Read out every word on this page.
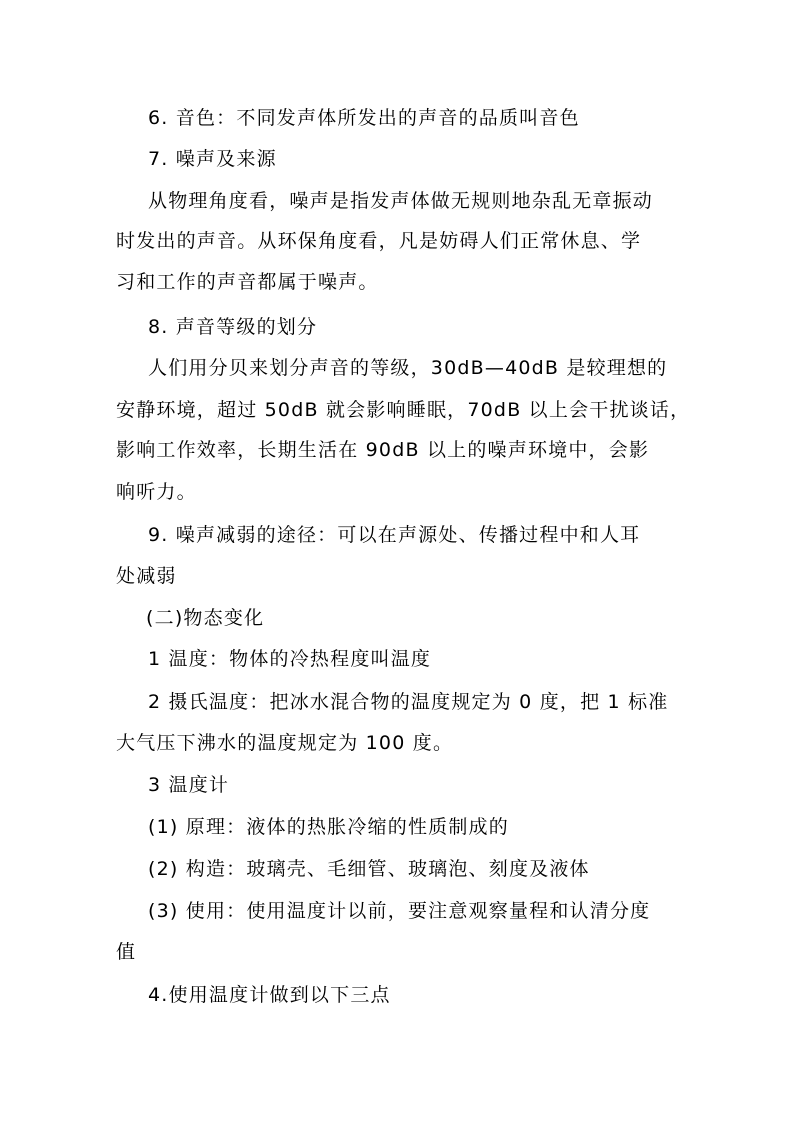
6. 音色：不同发声体所发出的声音的品质叫音色
7. 噪声及来源
从物理角度看，噪声是指发声体做无规则地杂乱无章振动
时发出的声音。从环保角度看，凡是妨碍人们正常休息、学
习和工作的声音都属于噪声。
8. 声音等级的划分
人们用分贝来划分声音的等级，30dB—40dB 是较理想的
安静环境，超过 50dB 就会影响睡眠，70dB 以上会干扰谈话，
影响工作效率，长期生活在 90dB 以上的噪声环境中，会影
响听力。
9. 噪声减弱的途径：可以在声源处、传播过程中和人耳
处减弱
(二)物态变化
1 温度：物体的冷热程度叫温度
2 摄氏温度：把冰水混合物的温度规定为 0 度，把 1 标准
大气压下沸水的温度规定为 100 度。
3 温度计
(1) 原理：液体的热胀冷缩的性质制成的
(2) 构造：玻璃壳、毛细管、玻璃泡、刻度及液体
(3) 使用：使用温度计以前，要注意观察量程和认清分度
值
4.使用温度计做到以下三点
